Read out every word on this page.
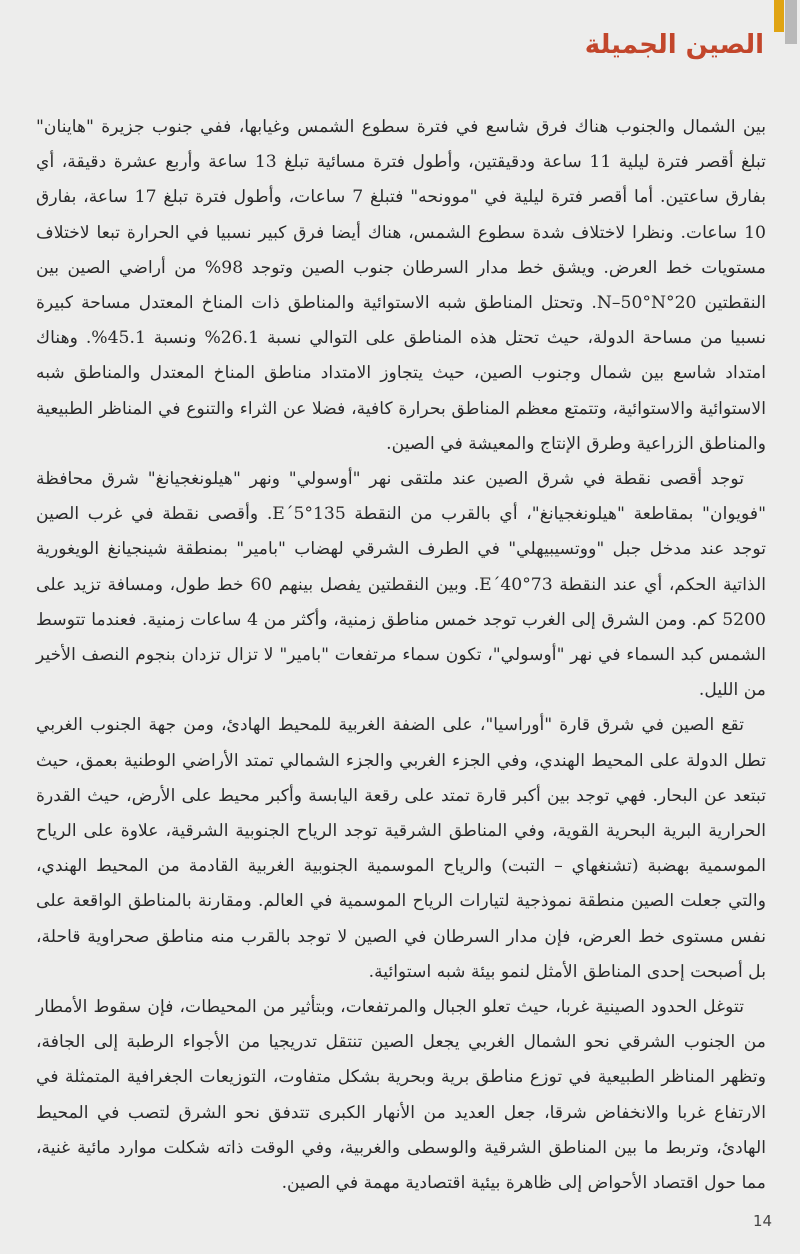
الصين الجميلة

بين الشمال والجنوب هناك فرق شاسع في فترة سطوع الشمس وغيابها، ففي جنوب جزيرة "هاينان" تبلغ أقصر فترة ليلية 11 ساعة ودقيقتين، وأطول فترة مسائية تبلغ 13 ساعة وأربع عشرة دقيقة، أي بفارق ساعتين. أما أقصر فترة ليلية في "موونحه" فتبلغ 7 ساعات، وأطول فترة تبلغ 17 ساعة، بفارق 10 ساعات. ونظرا لاختلاف شدة سطوع الشمس، هناك أيضا فرق كبير نسبيا في الحرارة تبعا لاختلاف مستويات خط العرض. ويشق خط مدار السرطان جنوب الصين وتوجد 98% من أراضي الصين بين النقطتين 20°N–50°N. وتحتل المناطق شبه الاستوائية والمناطق ذات المناخ المعتدل مساحة كبيرة نسبيا من مساحة الدولة، حيث تحتل هذه المناطق على التوالي نسبة 26.1% ونسبة 45.1%. وهناك امتداد شاسع بين شمال وجنوب الصين، حيث يتجاوز الامتداد مناطق المناخ المعتدل والمناطق شبه الاستوائية والاستوائية، وتتمتع معظم المناطق بحرارة كافية، فضلا عن الثراء والتنوع في المناظر الطبيعية والمناطق الزراعية وطرق الإنتاج والمعيشة في الصين.

توجد أقصى نقطة في شرق الصين عند ملتقى نهر "أوسولي" ونهر "هيلونغجيانغ" شرق محافظة "فويوان" بمقاطعة "هيلونغجيانغ"، أي بالقرب من النقطة 135°5´E. وأقصى نقطة في غرب الصين توجد عند مدخل جبل "ووتسيبيهلي" في الطرف الشرقي لهضاب "بامير" بمنطقة شينجيانغ الويغورية الذاتية الحكم، أي عند النقطة 73°40´E. وبين النقطتين يفصل بينهم 60 خط طول، ومسافة تزيد على 5200 كم. ومن الشرق إلى الغرب توجد خمس مناطق زمنية، وأكثر من 4 ساعات زمنية. فعندما تتوسط الشمس كبد السماء في نهر "أوسولي"، تكون سماء مرتفعات "بامير" لا تزال تزدان بنجوم النصف الأخير من الليل.

تقع الصين في شرق قارة "أوراسيا"، على الضفة الغربية للمحيط الهادئ، ومن جهة الجنوب الغربي تطل الدولة على المحيط الهندي، وفي الجزء الغربي والجزء الشمالي تمتد الأراضي الوطنية بعمق، حيث تبتعد عن البحار. فهي توجد بين أكبر قارة تمتد على رقعة اليابسة وأكبر محيط على الأرض، حيث القدرة الحرارية البرية البحرية القوية، وفي المناطق الشرقية توجد الرياح الجنوبية الشرقية، علاوة على الرياح الموسمية بهضبة (تشنغهاي – التبت) والرياح الموسمية الجنوبية الغربية القادمة من المحيط الهندي، والتي جعلت الصين منطقة نموذجية لتيارات الرياح الموسمية في العالم. ومقارنة بالمناطق الواقعة على نفس مستوى خط العرض، فإن مدار السرطان في الصين لا توجد بالقرب منه مناطق صحراوية قاحلة، بل أصبحت إحدى المناطق الأمثل لنمو بيئة شبه استوائية.

تتوغل الحدود الصينية غربا، حيث تعلو الجبال والمرتفعات، وبتأثير من المحيطات، فإن سقوط الأمطار من الجنوب الشرقي نحو الشمال الغربي يجعل الصين تنتقل تدريجيا من الأجواء الرطبة إلى الجافة، وتظهر المناظر الطبيعية في توزع مناطق برية وبحرية بشكل متفاوت، التوزيعات الجغرافية المتمثلة في الارتفاع غربا والانخفاض شرقا، جعل العديد من الأنهار الكبرى تتدفق نحو الشرق لتصب في المحيط الهادئ، وتربط ما بين المناطق الشرقية والوسطى والغربية، وفي الوقت ذاته شكلت موارد مائية غنية، مما حول اقتصاد الأحواض إلى ظاهرة بيئية اقتصادية مهمة في الصين.

14
